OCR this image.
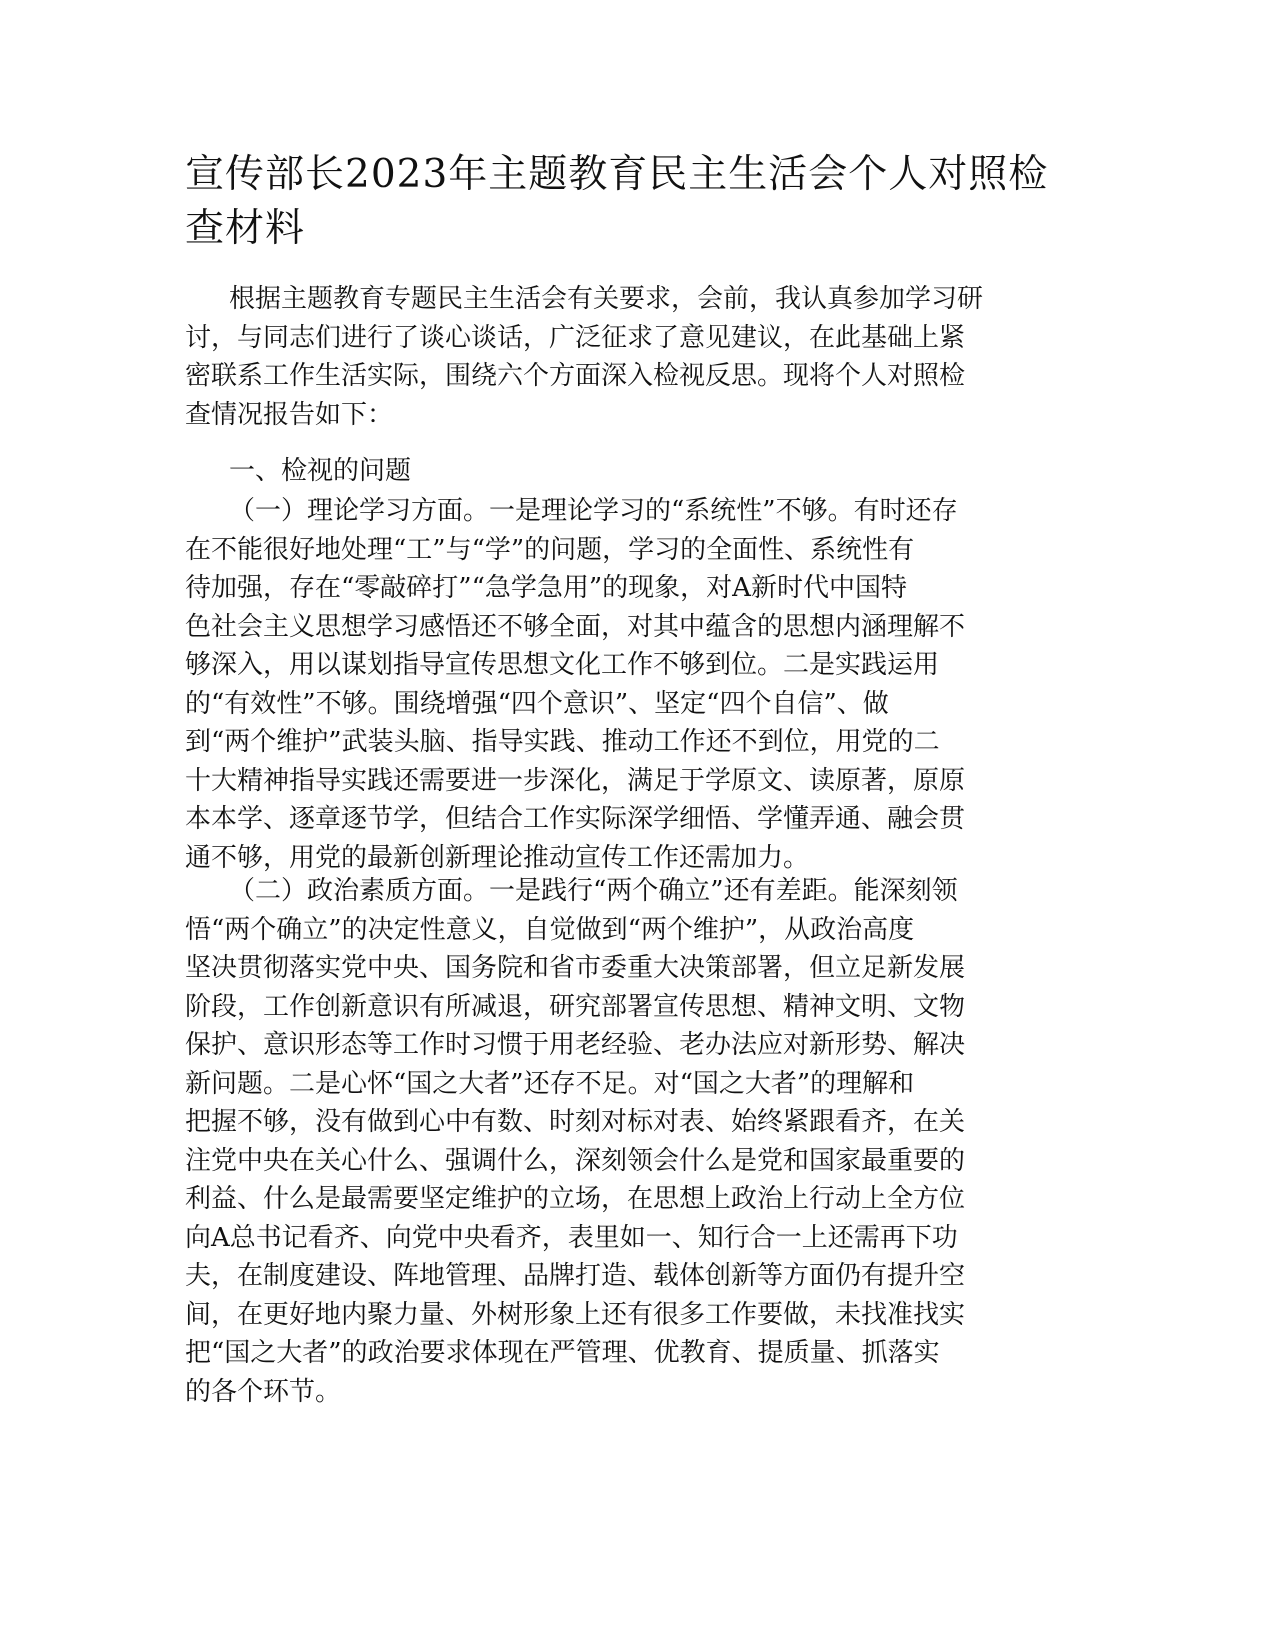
宣传部长2023年主题教育民主生活会个人对照检
查材料
根据主题教育专题民主生活会有关要求，会前，我认真参加学习研
讨，与同志们进行了谈心谈话，广泛征求了意见建议，在此基础上紧
密联系工作生活实际，围绕六个方面深入检视反思。现将个人对照检
查情况报告如下：
一、检视的问题
（一）理论学习方面。一是理论学习的“系统性”不够。有时还存
在不能很好地处理“工”与“学”的问题，学习的全面性、系统性有
待加强，存在“零敲碎打”“急学急用”的现象，对A新时代中国特
色社会主义思想学习感悟还不够全面，对其中蕴含的思想内涵理解不
够深入，用以谋划指导宣传思想文化工作不够到位。二是实践运用
的“有效性”不够。围绕增强“四个意识”、坚定“四个自信”、做
到“两个维护”武装头脑、指导实践、推动工作还不到位，用党的二
十大精神指导实践还需要进一步深化，满足于学原文、读原著，原原
本本学、逐章逐节学，但结合工作实际深学细悟、学懂弄通、融会贯
通不够，用党的最新创新理论推动宣传工作还需加力。
（二）政治素质方面。一是践行“两个确立”还有差距。能深刻领
悟“两个确立”的决定性意义，自觉做到“两个维护”，从政治高度
坚决贯彻落实党中央、国务院和省市委重大决策部署，但立足新发展
阶段，工作创新意识有所减退，研究部署宣传思想、精神文明、文物
保护、意识形态等工作时习惯于用老经验、老办法应对新形势、解决
新问题。二是心怀“国之大者”还存不足。对“国之大者”的理解和
把握不够，没有做到心中有数、时刻对标对表、始终紧跟看齐，在关
注党中央在关心什么、强调什么，深刻领会什么是党和国家最重要的
利益、什么是最需要坚定维护的立场，在思想上政治上行动上全方位
向A总书记看齐、向党中央看齐，表里如一、知行合一上还需再下功
夫，在制度建设、阵地管理、品牌打造、载体创新等方面仍有提升空
间，在更好地内聚力量、外树形象上还有很多工作要做，未找准找实
把“国之大者”的政治要求体现在严管理、优教育、提质量、抓落实
的各个环节。
